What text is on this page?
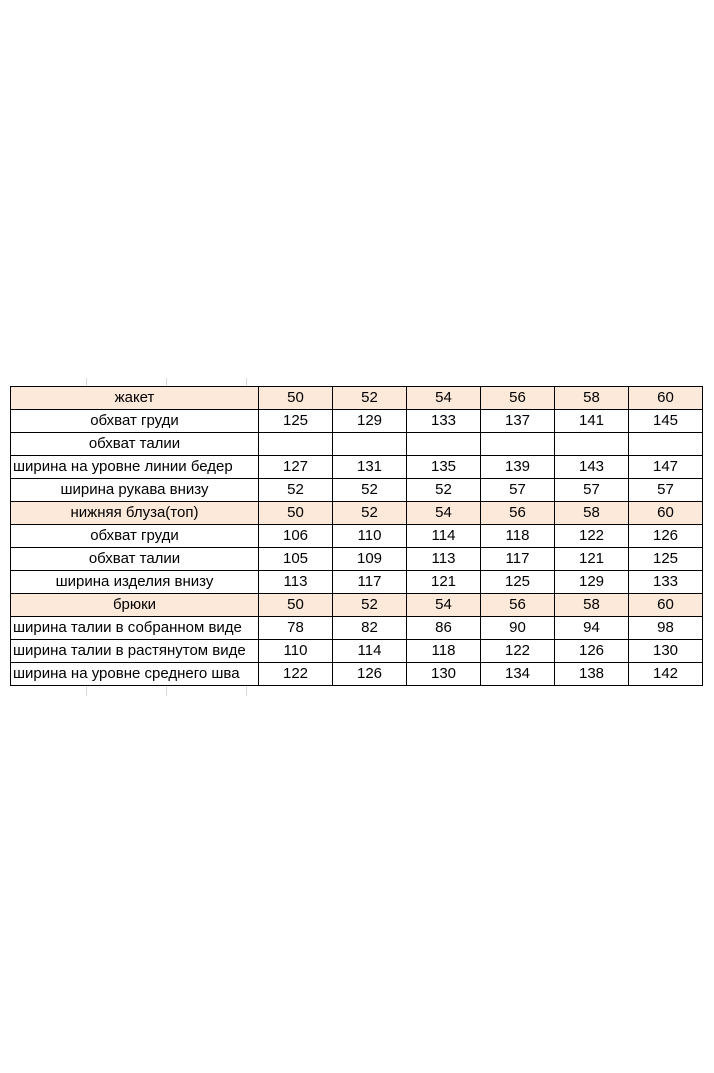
жакет	50	52	54	56	58	60
обхват груди	125	129	133	137	141	145
обхват талии						
ширина на уровне линии бедер	127	131	135	139	143	147
ширина рукава внизу	52	52	52	57	57	57
нижняя блуза(топ)	50	52	54	56	58	60
обхват груди	106	110	114	118	122	126
обхват талии	105	109	113	117	121	125
ширина изделия внизу	113	117	121	125	129	133
брюки	50	52	54	56	58	60
ширина талии в собранном виде	78	82	86	90	94	98
ширина талии в растянутом виде	110	114	118	122	126	130
ширина на уровне среднего шва	122	126	130	134	138	142
